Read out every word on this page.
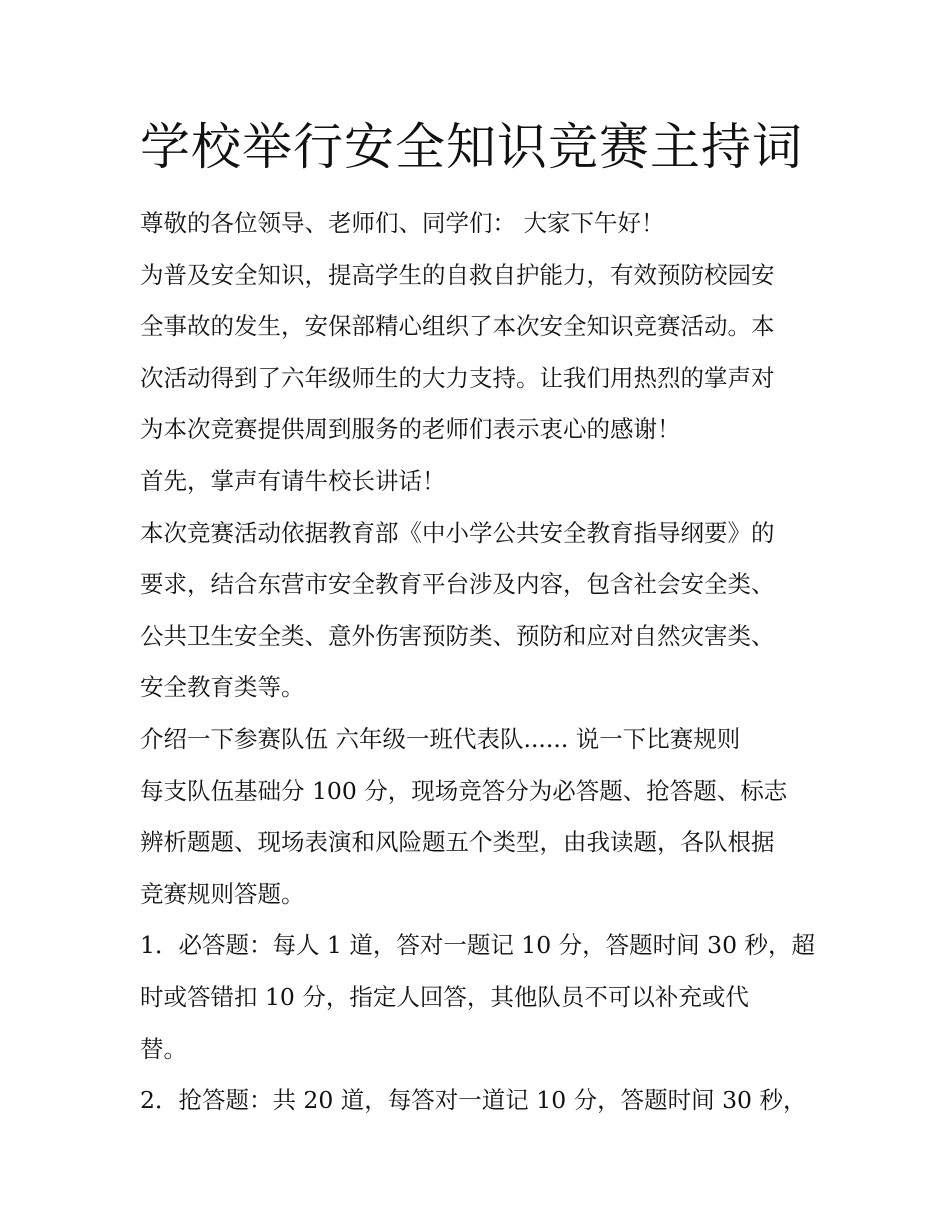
学校举行安全知识竞赛主持词
尊敬的各位领导、老师们、同学们： 大家下午好！
为普及安全知识，提高学生的自救自护能力，有效预防校园安
全事故的发生，安保部精心组织了本次安全知识竞赛活动。本
次活动得到了六年级师生的大力支持。让我们用热烈的掌声对
为本次竞赛提供周到服务的老师们表示衷心的感谢！
首先，掌声有请牛校长讲话！
本次竞赛活动依据教育部《中小学公共安全教育指导纲要》的
要求，结合东营市安全教育平台涉及内容，包含社会安全类、
公共卫生安全类、意外伤害预防类、预防和应对自然灾害类、
安全教育类等。
介绍一下参赛队伍 六年级一班代表队...... 说一下比赛规则
每支队伍基础分 100 分，现场竞答分为必答题、抢答题、标志
辨析题题、现场表演和风险题五个类型，由我读题，各队根据
竞赛规则答题。
1．必答题：每人 1 道，答对一题记 10 分，答题时间 30 秒，超
时或答错扣 10 分，指定人回答，其他队员不可以补充或代
替。
2．抢答题：共 20 道，每答对一道记 10 分，答题时间 30 秒，
